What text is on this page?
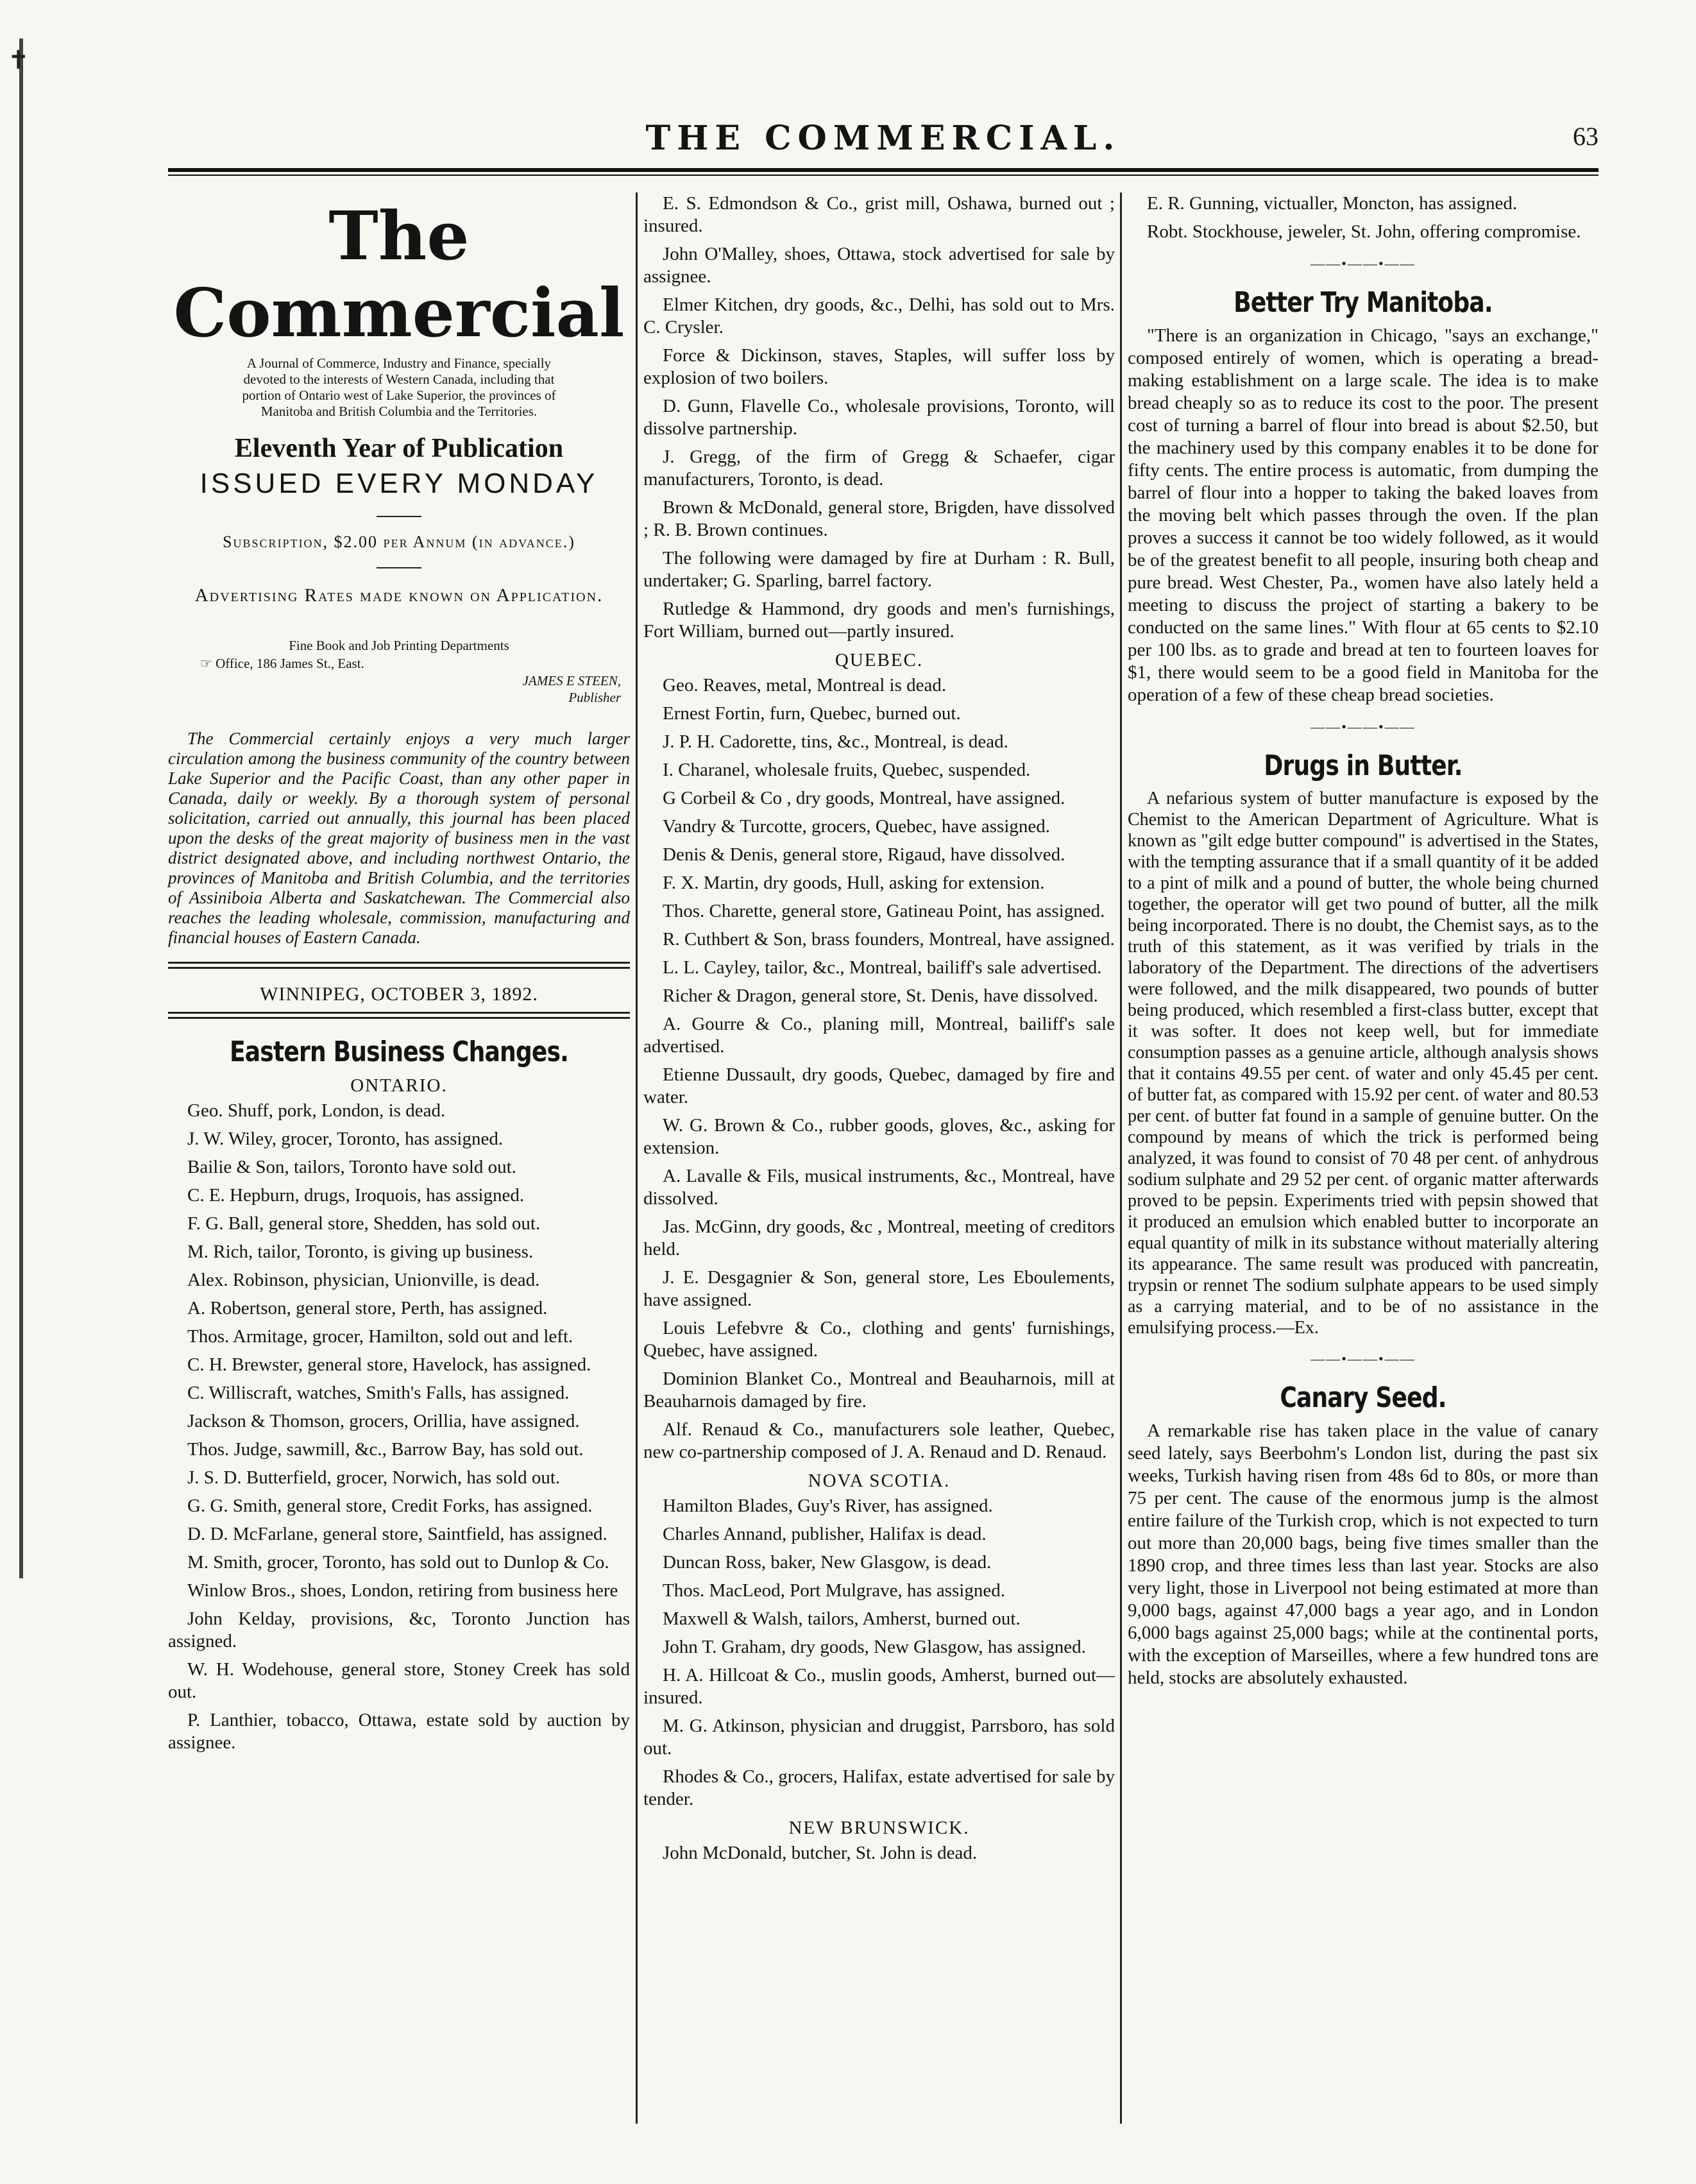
✝
THE COMMERCIAL.	63
The Commercial
A Journal of Commerce, Industry and Finance, specially devoted to the interests of Western Canada, including that portion of Ontario west of Lake Superior, the provinces of Manitoba and British Columbia and the Territories.
Eleventh Year of Publication
ISSUED EVERY MONDAY
Subscription, $2.00 per Annum (in advance.)
Advertising Rates made known on Application.
Fine Book and Job Printing Departments
☞ Office, 186 James St., East.
JAMES E STEEN,
Publisher
The Commercial certainly enjoys a very much larger circulation among the business community of the country between Lake Superior and the Pacific Coast, than any other paper in Canada, daily or weekly. By a thorough system of personal solicitation, carried out annually, this journal has been placed upon the desks of the great majority of business men in the vast district designated above, and including northwest Ontario, the provinces of Manitoba and British Columbia, and the territories of Assiniboia Alberta and Saskatchewan. The Commercial also reaches the leading wholesale, commission, manufacturing and financial houses of Eastern Canada.
WINNIPEG, OCTOBER 3, 1892.
Eastern Business Changes.
ONTARIO.

Geo. Shuff, pork, London, is dead.

J. W. Wiley, grocer, Toronto, has assigned.

Bailie & Son, tailors, Toronto have sold out.

C. E. Hepburn, drugs, Iroquois, has assigned.

F. G. Ball, general store, Shedden, has sold out.

M. Rich, tailor, Toronto, is giving up business.

Alex. Robinson, physician, Unionville, is dead.

A. Robertson, general store, Perth, has assigned.

Thos. Armitage, grocer, Hamilton, sold out and left.

C. H. Brewster, general store, Havelock, has assigned.

C. Williscraft, watches, Smith's Falls, has assigned.

Jackson & Thomson, grocers, Orillia, have assigned.

Thos. Judge, sawmill, &c., Barrow Bay, has sold out.

J. S. D. Butterfield, grocer, Norwich, has sold out.

G. G. Smith, general store, Credit Forks, has assigned.

D. D. McFarlane, general store, Saintfield, has assigned.

M. Smith, grocer, Toronto, has sold out to Dunlop & Co.

Winlow Bros., shoes, London, retiring from business here

John Kelday, provisions, &c, Toronto Junction has assigned.

W. H. Wodehouse, general store, Stoney Creek has sold out.

P. Lanthier, tobacco, Ottawa, estate sold by auction by assignee.

E. S. Edmondson & Co., grist mill, Oshawa, burned out ; insured.

John O'Malley, shoes, Ottawa, stock advertised for sale by assignee.

Elmer Kitchen, dry goods, &c., Delhi, has sold out to Mrs. C. Crysler.

Force & Dickinson, staves, Staples, will suffer loss by explosion of two boilers.

D. Gunn, Flavelle Co., wholesale provisions, Toronto, will dissolve partnership.

J. Gregg, of the firm of Gregg & Schaefer, cigar manufacturers, Toronto, is dead.

Brown & McDonald, general store, Brigden, have dissolved ; R. B. Brown continues.

The following were damaged by fire at Durham : R. Bull, undertaker; G. Sparling, barrel factory.

Rutledge & Hammond, dry goods and men's furnishings, Fort William, burned out—partly insured.

QUEBEC.

Geo. Reaves, metal, Montreal is dead.

Ernest Fortin, furn, Quebec, burned out.

J. P. H. Cadorette, tins, &c., Montreal, is dead.

I. Charanel, wholesale fruits, Quebec, suspended.

G Corbeil & Co , dry goods, Montreal, have assigned.

Vandry & Turcotte, grocers, Quebec, have assigned.

Denis & Denis, general store, Rigaud, have dissolved.

F. X. Martin, dry goods, Hull, asking for extension.

Thos. Charette, general store, Gatineau Point, has assigned.

R. Cuthbert & Son, brass founders, Montreal, have assigned.

L. L. Cayley, tailor, &c., Montreal, bailiff's sale advertised.

Richer & Dragon, general store, St. Denis, have dissolved.

A. Gourre & Co., planing mill, Montreal, bailiff's sale advertised.

Etienne Dussault, dry goods, Quebec, damaged by fire and water.

W. G. Brown & Co., rubber goods, gloves, &c., asking for extension.

A. Lavalle & Fils, musical instruments, &c., Montreal, have dissolved.

Jas. McGinn, dry goods, &c , Montreal, meeting of creditors held.

J. E. Desgagnier & Son, general store, Les Eboulements, have assigned.

Louis Lefebvre & Co., clothing and gents' furnishings, Quebec, have assigned.

Dominion Blanket Co., Montreal and Beauharnois, mill at Beauharnois damaged by fire.

Alf. Renaud & Co., manufacturers sole leather, Quebec, new co-partnership composed of J. A. Renaud and D. Renaud.

NOVA SCOTIA.

Hamilton Blades, Guy's River, has assigned.

Charles Annand, publisher, Halifax is dead.

Duncan Ross, baker, New Glasgow, is dead.

Thos. MacLeod, Port Mulgrave, has assigned.

Maxwell & Walsh, tailors, Amherst, burned out.

John T. Graham, dry goods, New Glasgow, has assigned.

H. A. Hillcoat & Co., muslin goods, Amherst, burned out—insured.

M. G. Atkinson, physician and druggist, Parrsboro, has sold out.

Rhodes & Co., grocers, Halifax, estate advertised for sale by tender.

NEW BRUNSWICK.

John McDonald, butcher, St. John is dead.

E. R. Gunning, victualler, Moncton, has assigned.

Robt. Stockhouse, jeweler, St. John, offering compromise.

——•——•——
Better Try Manitoba.

"There is an organization in Chicago, "says an exchange," composed entirely of women, which is operating a bread-making establishment on a large scale. The idea is to make bread cheaply so as to reduce its cost to the poor. The present cost of turning a barrel of flour into bread is about $2.50, but the machinery used by this company enables it to be done for fifty cents. The entire process is automatic, from dumping the barrel of flour into a hopper to taking the baked loaves from the moving belt which passes through the oven. If the plan proves a success it cannot be too widely followed, as it would be of the greatest benefit to all people, insuring both cheap and pure bread. West Chester, Pa., women have also lately held a meeting to discuss the project of starting a bakery to be conducted on the same lines." With flour at 65 cents to $2.10 per 100 lbs. as to grade and bread at ten to fourteen loaves for $1, there would seem to be a good field in Manitoba for the operation of a few of these cheap bread societies.

——•——•——
Drugs in Butter.

A nefarious system of butter manufacture is exposed by the Chemist to the American Department of Agriculture. What is known as "gilt edge butter compound" is advertised in the States, with the tempting assurance that if a small quantity of it be added to a pint of milk and a pound of butter, the whole being churned together, the operator will get two pound of butter, all the milk being incorporated. There is no doubt, the Chemist says, as to the truth of this statement, as it was verified by trials in the laboratory of the Department. The directions of the advertisers were followed, and the milk disappeared, two pounds of butter being produced, which resembled a first-class butter, except that it was softer. It does not keep well, but for immediate consumption passes as a genuine article, although analysis shows that it contains 49.55 per cent. of water and only 45.45 per cent. of butter fat, as compared with 15.92 per cent. of water and 80.53 per cent. of butter fat found in a sample of genuine butter. On the compound by means of which the trick is performed being analyzed, it was found to consist of 70 48 per cent. of anhydrous sodium sulphate and 29 52 per cent. of organic matter afterwards proved to be pepsin. Experiments tried with pepsin showed that it produced an emulsion which enabled butter to incorporate an equal quantity of milk in its substance without materially altering its appearance. The same result was produced with pancreatin, trypsin or rennet The sodium sulphate appears to be used simply as a carrying material, and to be of no assistance in the emulsifying process.—Ex.

——•——•——
Canary Seed.

A remarkable rise has taken place in the value of canary seed lately, says Beerbohm's London list, during the past six weeks, Turkish having risen from 48s 6d to 80s, or more than 75 per cent. The cause of the enormous jump is the almost entire failure of the Turkish crop, which is not expected to turn out more than 20,000 bags, being five times smaller than the 1890 crop, and three times less than last year. Stocks are also very light, those in Liverpool not being estimated at more than 9,000 bags, against 47,000 bags a year ago, and in London 6,000 bags against 25,000 bags; while at the continental ports, with the exception of Marseilles, where a few hundred tons are held, stocks are absolutely exhausted.
